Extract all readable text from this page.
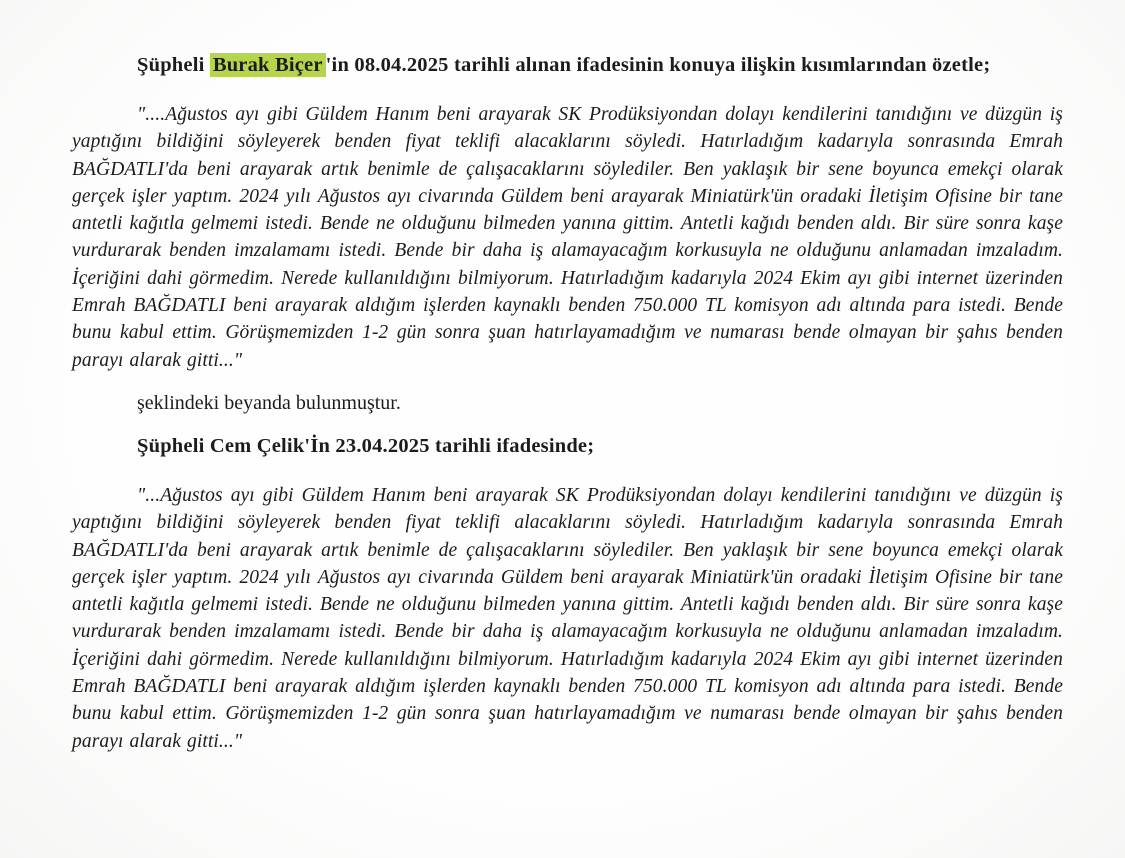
Şüpheli Burak Biçer 'in 08.04.2025 tarihli alınan ifadesinin konuya ilişkin kısımlarından özetle;

"....Ağustos ayı gibi Güldem Hanım beni arayarak SK Prodüksiyondan dolayı kendilerini tanıdığını ve düzgün iş yaptığını bildiğini söyleyerek benden fiyat teklifi alacaklarını söyledi. Hatırladığım kadarıyla sonrasında Emrah BAĞDATLI'da beni arayarak artık benimle de çalışacaklarını söylediler. Ben yaklaşık bir sene boyunca emekçi olarak gerçek işler yaptım. 2024 yılı Ağustos ayı civarında Güldem beni arayarak Miniatürk'ün oradaki İletişim Ofisine bir tane antetli kağıtla gelmemi istedi. Bende ne olduğunu bilmeden yanına gittim. Antetli kağıdı benden aldı. Bir süre sonra kaşe vurdurarak benden imzalamamı istedi. Bende bir daha iş alamayacağım korkusuyla ne olduğunu anlamadan imzaladım. İçeriğini dahi görmedim. Nerede kullanıldığını bilmiyorum. Hatırladığım kadarıyla 2024 Ekim ayı gibi internet üzerinden Emrah BAĞDATLI beni arayarak aldığım işlerden kaynaklı benden 750.000 TL komisyon adı altında para istedi. Bende bunu kabul ettim. Görüşmemizden 1-2 gün sonra şuan hatırlayamadığım ve numarası bende olmayan bir şahıs benden parayı alarak gitti..."

şeklindeki beyanda bulunmuştur.

Şüpheli Cem Çelik'İn 23.04.2025 tarihli ifadesinde;

"...Ağustos ayı gibi Güldem Hanım beni arayarak SK Prodüksiyondan dolayı kendilerini tanıdığını ve düzgün iş yaptığını bildiğini söyleyerek benden fiyat teklifi alacaklarını söyledi. Hatırladığım kadarıyla sonrasında Emrah BAĞDATLI'da beni arayarak artık benimle de çalışacaklarını söylediler. Ben yaklaşık bir sene boyunca emekçi olarak gerçek işler yaptım. 2024 yılı Ağustos ayı civarında Güldem beni arayarak Miniatürk'ün oradaki İletişim Ofisine bir tane antetli kağıtla gelmemi istedi. Bende ne olduğunu bilmeden yanına gittim. Antetli kağıdı benden aldı. Bir süre sonra kaşe vurdurarak benden imzalamamı istedi. Bende bir daha iş alamayacağım korkusuyla ne olduğunu anlamadan imzaladım. İçeriğini dahi görmedim. Nerede kullanıldığını bilmiyorum. Hatırladığım kadarıyla 2024 Ekim ayı gibi internet üzerinden Emrah BAĞDATLI beni arayarak aldığım işlerden kaynaklı benden 750.000 TL komisyon adı altında para istedi. Bende bunu kabul ettim. Görüşmemizden 1-2 gün sonra şuan hatırlayamadığım ve numarası bende olmayan bir şahıs benden parayı alarak gitti..."
